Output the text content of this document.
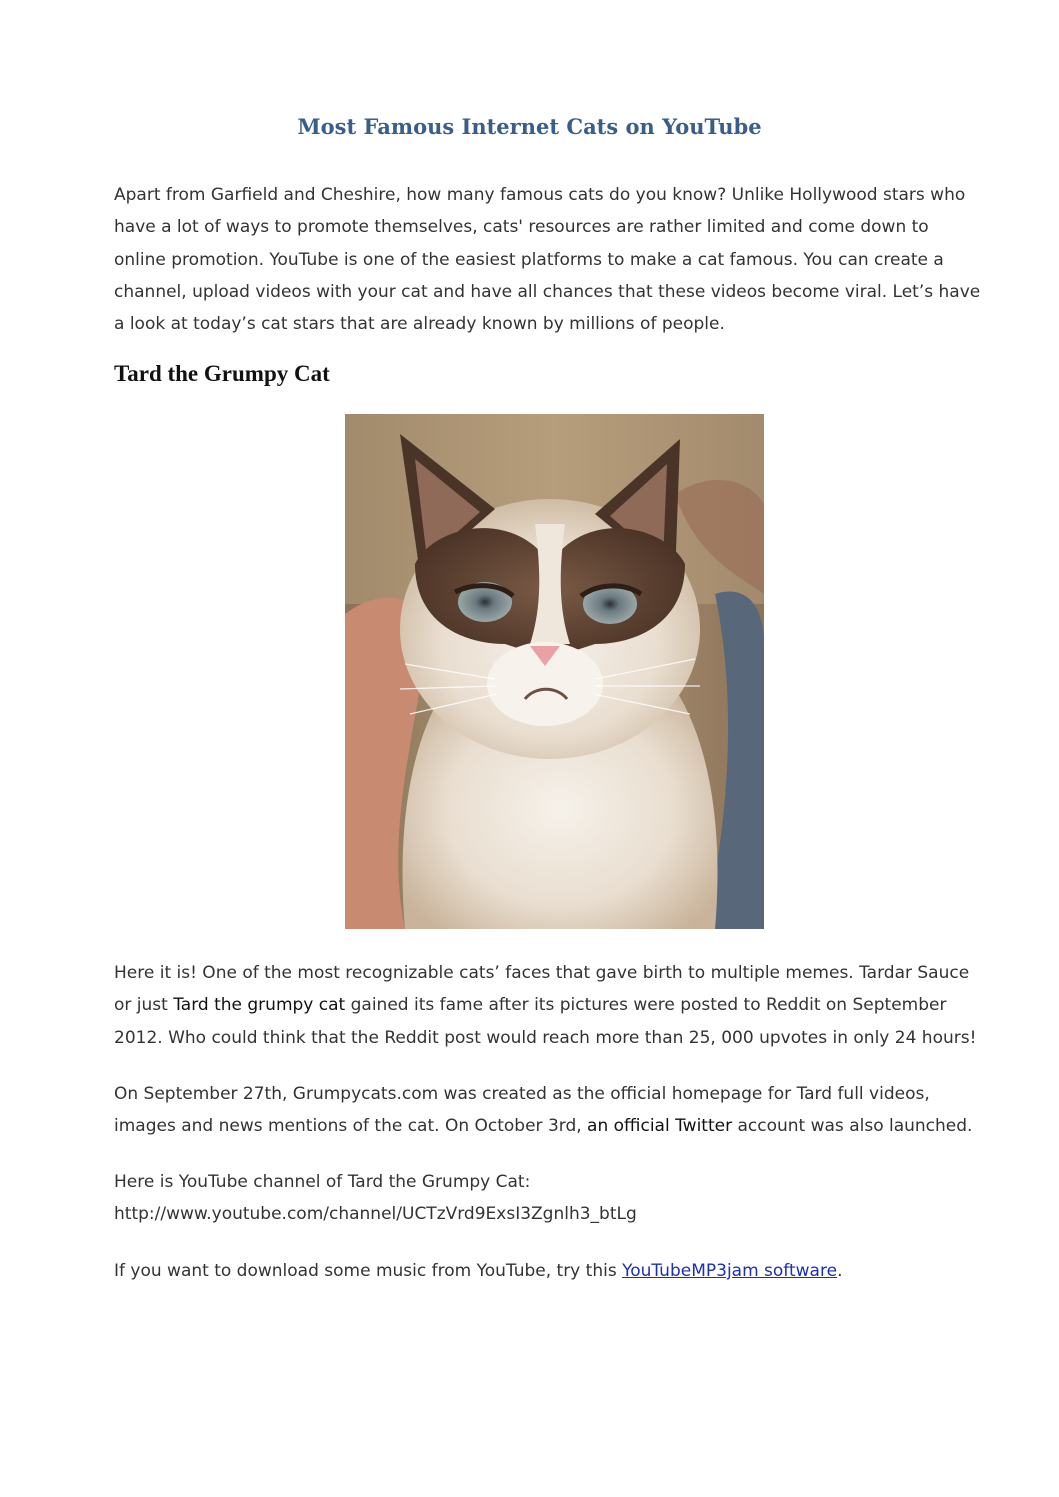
Most Famous Internet Cats on YouTube

Apart from Garfield and Cheshire, how many famous cats do you know? Unlike Hollywood stars who
have a lot of ways to promote themselves, cats' resources are rather limited and come down to
online promotion. YouTube is one of the easiest platforms to make a cat famous. You can create a
channel, upload videos with your cat and have all chances that these videos become viral. Let’s have
a look at today’s cat stars that are already known by millions of people.

Tard the Grumpy Cat

Here it is! One of the most recognizable cats’ faces that gave birth to multiple memes. Tardar Sauce
or just Tard the grumpy cat gained its fame after its pictures were posted to Reddit on September
2012. Who could think that the Reddit post would reach more than 25, 000 upvotes in only 24 hours!

On September 27th, Grumpycats.com was created as the official homepage for Tard full videos,
images and news mentions of the cat. On October 3rd, an official Twitter account was also launched.

Here is YouTube channel of Tard the Grumpy Cat:
http://www.youtube.com/channel/UCTzVrd9ExsI3Zgnlh3_btLg

If you want to download some music from YouTube, try this YouTubeMP3jam software.
